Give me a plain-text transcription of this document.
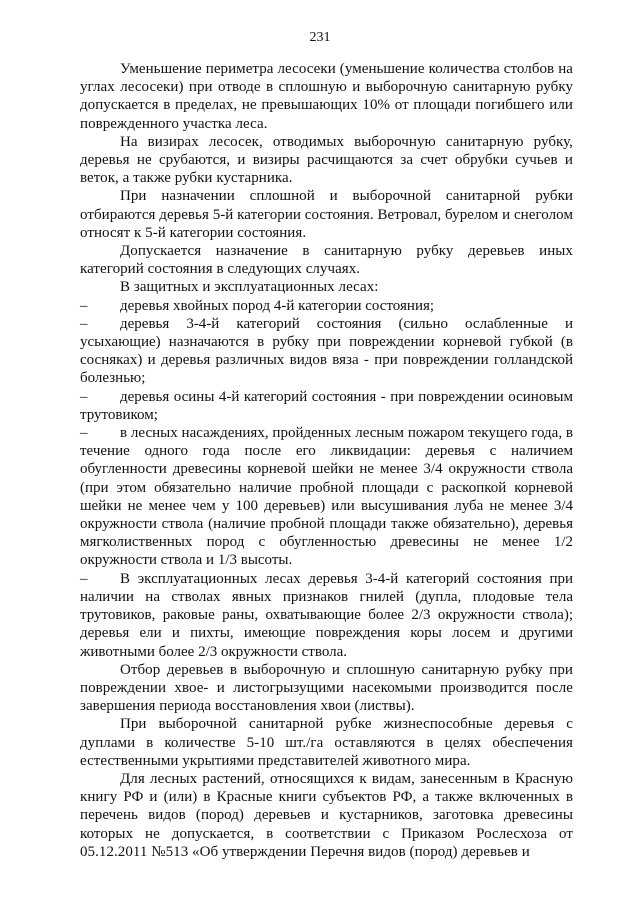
231

Уменьшение периметра лесосеки (уменьшение количества столбов на углах лесосеки) при отводе в сплошную и выборочную санитарную рубку допускается в пределах, не превышающих 10% от площади погибшего или поврежденного участка леса.

На визирах лесосек, отводимых выборочную санитарную рубку, деревья не срубаются, и визиры расчищаются за счет обрубки сучьев и веток, а также рубки кустарника.

При назначении сплошной и выборочной санитарной рубки отбираются деревья 5-й категории состояния. Ветровал, бурелом и снеголом относят к 5-й категории состояния.

Допускается назначение в санитарную рубку деревьев иных категорий состояния в следующих случаях.

В защитных и эксплуатационных лесах:

– деревья хвойных пород 4-й категории состояния;

– деревья 3-4-й категорий состояния (сильно ослабленные и усыхающие) назначаются в рубку при повреждении корневой губкой (в сосняках) и деревья различных видов вяза - при повреждении голландской болезнью;

– деревья осины 4-й категорий состояния - при повреждении осиновым трутовиком;

– в лесных насаждениях, пройденных лесным пожаром текущего года, в течение одного года после его ликвидации: деревья с наличием обугленности древесины корневой шейки не менее 3/4 окружности ствола (при этом обязательно наличие пробной площади с раскопкой корневой шейки не менее чем у 100 деревьев) или высушивания луба не менее 3/4 окружности ствола (наличие пробной площади также обязательно), деревья мягколиственных пород с обугленностью древесины не менее 1/2 окружности ствола и 1/3 высоты.

– В эксплуатационных лесах деревья 3-4-й категорий состояния при наличии на стволах явных признаков гнилей (дупла, плодовые тела трутовиков, раковые раны, охватывающие более 2/3 окружности ствола); деревья ели и пихты, имеющие повреждения коры лосем и другими животными более 2/3 окружности ствола.

Отбор деревьев в выборочную и сплошную санитарную рубку при повреждении хвое- и листогрызущими насекомыми производится после завершения периода восстановления хвои (листвы).

При выборочной санитарной рубке жизнеспособные деревья с дуплами в количестве 5-10 шт./га оставляются в целях обеспечения естественными укрытиями представителей животного мира.

Для лесных растений, относящихся к видам, занесенным в Красную книгу РФ и (или) в Красные книги субъектов РФ, а также включенных в перечень видов (пород) деревьев и кустарников, заготовка древесины которых не допускается, в соответствии с Приказом Рослесхоза от 05.12.2011 №513 «Об утверждении Перечня видов (пород) деревьев и
